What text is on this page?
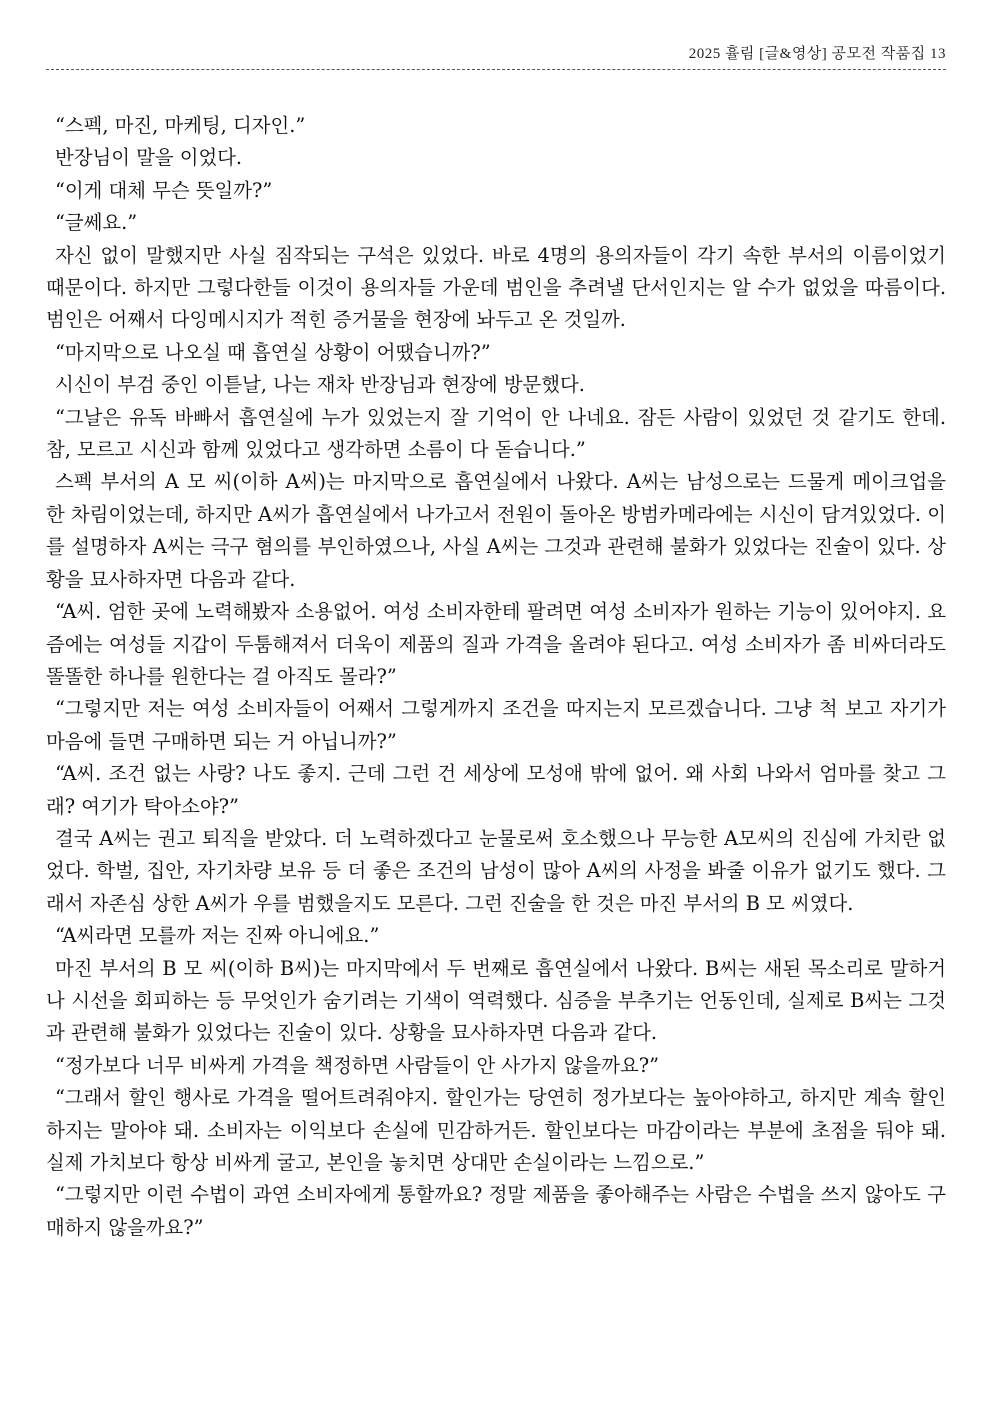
2025 휼림 [글&영상] 공모전 작품집 13

“스펙, 마진, 마케팅, 디자인.”

반장님이 말을 이었다.

“이게 대체 무슨 뜻일까?”

“글쎄요.”

자신 없이 말했지만 사실 짐작되는 구석은 있었다. 바로 4명의 용의자들이 각기 속한 부서의 이름이었기 때문이다. 하지만 그렇다한들 이것이 용의자들 가운데 범인을 추려낼 단서인지는 알 수가 없었을 따름이다. 범인은 어째서 다잉메시지가 적힌 증거물을 현장에 놔두고 온 것일까.

“마지막으로 나오실 때 흡연실 상황이 어땠습니까?”

시신이 부검 중인 이튿날, 나는 재차 반장님과 현장에 방문했다.

“그날은 유독 바빠서 흡연실에 누가 있었는지 잘 기억이 안 나네요. 잠든 사람이 있었던 것 같기도 한데. 참, 모르고 시신과 함께 있었다고 생각하면 소름이 다 돋습니다.”

스펙 부서의 A 모 씨(이하 A씨)는 마지막으로 흡연실에서 나왔다. A씨는 남성으로는 드물게 메이크업을 한 차림이었는데, 하지만 A씨가 흡연실에서 나가고서 전원이 돌아온 방범카메라에는 시신이 담겨있었다. 이를 설명하자 A씨는 극구 혐의를 부인하였으나, 사실 A씨는 그것과 관련해 불화가 있었다는 진술이 있다. 상황을 묘사하자면 다음과 같다.

“A씨. 엄한 곳에 노력해봤자 소용없어. 여성 소비자한테 팔려면 여성 소비자가 원하는 기능이 있어야지. 요즘에는 여성들 지갑이 두툼해져서 더욱이 제품의 질과 가격을 올려야 된다고. 여성 소비자가 좀 비싸더라도 똘똘한 하나를 원한다는 걸 아직도 몰라?”

“그렇지만 저는 여성 소비자들이 어째서 그렇게까지 조건을 따지는지 모르겠습니다. 그냥 척 보고 자기가 마음에 들면 구매하면 되는 거 아닙니까?”

“A씨. 조건 없는 사랑? 나도 좋지. 근데 그런 건 세상에 모성애 밖에 없어. 왜 사회 나와서 엄마를 찾고 그래? 여기가 탁아소야?”

결국 A씨는 권고 퇴직을 받았다. 더 노력하겠다고 눈물로써 호소했으나 무능한 A모씨의 진심에 가치란 없었다. 학벌, 집안, 자기차량 보유 등 더 좋은 조건의 남성이 많아 A씨의 사정을 봐줄 이유가 없기도 했다. 그래서 자존심 상한 A씨가 우를 범했을지도 모른다. 그런 진술을 한 것은 마진 부서의 B 모 씨였다.

“A씨라면 모를까 저는 진짜 아니에요.”

마진 부서의 B 모 씨(이하 B씨)는 마지막에서 두 번째로 흡연실에서 나왔다. B씨는 새된 목소리로 말하거나 시선을 회피하는 등 무엇인가 숨기려는 기색이 역력했다. 심증을 부추기는 언동인데, 실제로 B씨는 그것과 관련해 불화가 있었다는 진술이 있다. 상황을 묘사하자면 다음과 같다.

“정가보다 너무 비싸게 가격을 책정하면 사람들이 안 사가지 않을까요?”

“그래서 할인 행사로 가격을 떨어트려줘야지. 할인가는 당연히 정가보다는 높아야하고, 하지만 계속 할인하지는 말아야 돼. 소비자는 이익보다 손실에 민감하거든. 할인보다는 마감이라는 부분에 초점을 둬야 돼. 실제 가치보다 항상 비싸게 굴고, 본인을 놓치면 상대만 손실이라는 느낌으로.”

“그렇지만 이런 수법이 과연 소비자에게 통할까요? 정말 제품을 좋아해주는 사람은 수법을 쓰지 않아도 구매하지 않을까요?”
